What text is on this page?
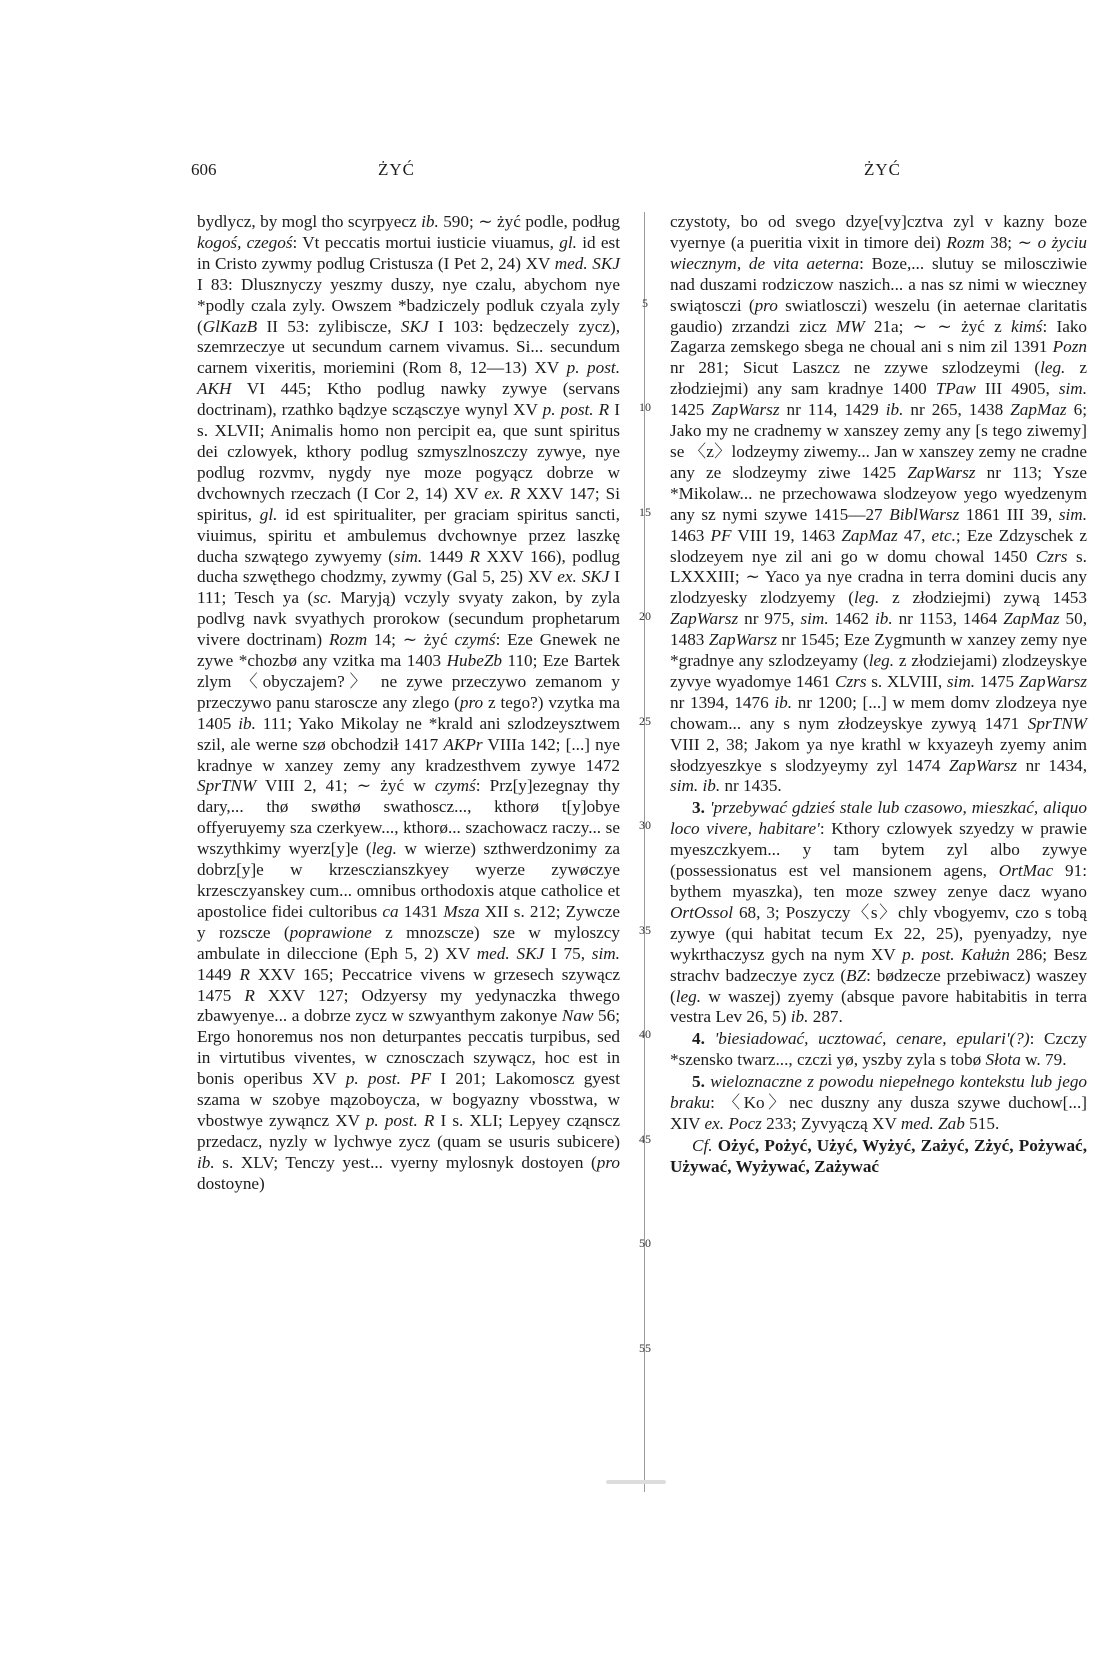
606	ŻYĆ	ŻYĆ

bydlycz, by mogl tho scyrpyecz ib. 590; ~ żyć podle, podług kogoś, czegoś: Vt peccatis mortui iusticie viuamus, gl. id est in Cristo zywmy podlug Cristusza (I Pet 2, 24) XV med. SKJ I 83: Dlusznyczy yeszmy duszy, nye czalu, abychom nye *podly czala zyly. Owszem *badziczely podluk czyala zyly (GlKazB II 53: zylibiscze, SKJ I 103: będzeczely zycz), szemrzeczye ut secundum carnem vivamus. Si... secundum carnem vixeritis, moriemini (Rom 8, 12—13) XV p. post. AKH VI 445; Ktho podlug nawky zywye (servans doctrinam), rzathko bądzye scząsczye wynyl XV p. post. R I s. XLVII; Animalis homo non percipit ea, que sunt spiritus dei czlowyek, kthory podlug szmyszlnoszczy zywye, nye podlug rozvmv, nygdy nye moze pogyącz dobrze w dvchownych rzeczach (I Cor 2, 14) XV ex. R XXV 147; Si spiritus, gl. id est spiritualiter, per graciam spiritus sancti, viuimus, spiritu et ambulemus dvchownye przez laszkę ducha szwątego zywyemy (sim. 1449 R XXV 166), podlug ducha szwęthego chodzmy, zywmy (Gal 5, 25) XV ex. SKJ I 111; Tesch ya (sc. Maryją) vczyly svyaty zakon, by zyla podlvg navk svyathych prorokow (secundum prophetarum vivere doctrinam) Rozm 14; ~ żyć czymś: Eze Gnewek ne zywe *chozbø any vzitka ma 1403 HubeZb 110; Eze Bartek zlym 〈obyczajem?〉 ne zywe przeczywo zemanom y przeczywo panu staroscze any zlego (pro z tego?) vzytka ma 1405 ib. 111; Yako Mikolay ne *krald ani szlodzeysztwem szil, ale werne szø obchodził 1417 AKPr VIIIa 142; [...] nye kradnye w xanzey zemy any kradzesthvem zywye 1472 SprTNW VIII 2, 41; ~ żyć w czymś: Prz[y]ezegnay thy dary,... thø swøthø swathoscz..., kthorø t[y]obye offyeruyemy sza czerkyew..., kthorø... szachowacz raczy... se wszythkimy wyerz[y]e (leg. w wierze) szthwerdzonimy za dobrz[y]e w krzesczianszkyey wyerze zywøczye krzesczyanskey cum... omnibus orthodoxis atque catholice et apostolice fidei cultoribus ca 1431 Msza XII s. 212; Zywcze y rozscze (poprawione z mnozscze) sze w myloszcy ambulate in dileccione (Eph 5, 2) XV med. SKJ I 75, sim. 1449 R XXV 165; Peccatrice vivens w grzesech szywącz 1475 R XXV 127; Odzyersy my yedynaczka thwego zbawyenye... a dobrze zycz w szwyanthym zakonye Naw 56; Ergo honoremus nos non deturpantes peccatis turpibus, sed in virtutibus viventes, w cznosczach szywącz, hoc est in bonis operibus XV p. post. PF I 201; Lakomoscz gyest szama w szobye mązoboycza, w bogyazny vbosstwa, w vbostwye zywąncz XV p. post. R I s. XLI; Lepyey cząnscz przedacz, nyzly w lychwye zycz (quam se usuris subicere) ib. s. XLV; Tenczy yest... vyerny mylosnyk dostoyen (pro dostoyne)

5
10
15
20
25
30
35
40
45
50
55

czystoty, bo od svego dzye[vy]cztva zyl v kazny boze vyernye (a pueritia vixit in timore dei) Rozm 38; ~ o życiu wiecznym, de vita aeterna: Boze,... slutuy se miloscziwie nad duszami rodziczow naszich... a nas sz nimi w wieczney swiątosczi (pro swiatlosczi) weszelu (in aeternae claritatis gaudio) zrzandzi zicz MW 21a; ~ ~ żyć z kimś: Iako Zagarza zemskego sbega ne choual ani s nim zil 1391 Pozn nr 281; Sicut Laszcz ne zzywe szlodzeymi (leg. z złodziejmi) any sam kradnye 1400 TPaw III 4905, sim. 1425 ZapWarsz nr 114, 1429 ib. nr 265, 1438 ZapMaz 6; Jako my ne cradnemy w xanszey zemy any [s tego ziwemy] se 〈z〉lodzeymy ziwemy... Jan w xanszey zemy ne cradne any ze slodzeymy ziwe 1425 ZapWarsz nr 113; Ysze *Mikolaw... ne przechowawa slodzeyow yego wyedzenym any sz nymi szywe 1415—27 BiblWarsz 1861 III 39, sim. 1463 PF VIII 19, 1463 ZapMaz 47, etc.; Eze Zdzyschek z slodzeyem nye zil ani go w domu chowal 1450 Czrs s. LXXXIII; ~ Yaco ya nye cradna in terra domini ducis any zlodzyesky zlodzyemy (leg. z złodziejmi) zywą 1453 ZapWarsz nr 975, sim. 1462 ib. nr 1153, 1464 ZapMaz 50, 1483 ZapWarsz nr 1545; Eze Zygmunth w xanzey zemy nye *gradnye any szlodzeyamy (leg. z złodziejami) zlodzeyskye zyvye wyadomye 1461 Czrs s. XLVIII, sim. 1475 ZapWarsz nr 1394, 1476 ib. nr 1200; [...] w mem domv zlodzeya nye chowam... any s nym złodzeyskye zywyą 1471 SprTNW VIII 2, 38; Jakom ya nye krathl w kxyazeyh zyemy anim słodzyeszkye s slodzyeymy zyl 1474 ZapWarsz nr 1434, sim. ib. nr 1435.

3. 'przebywać gdzieś stale lub czasowo, mieszkać, aliquo loco vivere, habitare': Kthory czlowyek szyedzy w prawie myeszczkyem... y tam bytem zyl albo zywye (possessionatus est vel mansionem agens, OrtMac 91: bythem myaszka), ten moze szwey zenye dacz wyano OrtOssol 68, 3; Poszyczy〈s〉chly vbogyemv, czo s tobą zywye (qui habitat tecum Ex 22, 25), pyenyadzy, nye wykrthaczysz gych na nym XV p. post. Kałużn 286; Besz strachv badzeczye zycz (BZ: bødzecze przebiwacz) waszey (leg. w waszej) zyemy (absque pavore habitabitis in terra vestra Lev 26, 5) ib. 287.

4. 'biesiadować, ucztować, cenare, epulari'(?): Czczy *szensko twarz..., czczi yø, yszby zyla s tobø Słota w. 79.

5. wieloznaczne z powodu niepełnego kontekstu lub jego braku: 〈Ko〉nec duszny any dusza szywe duchow[...] XIV ex. Pocz 233; Zyvyączą XV med. Zab 515.

Cf. Ożyć, Pożyć, Użyć, Wyżyć, Zażyć, Zżyć, Pożywać, Używać, Wyżywać, Zażywać
